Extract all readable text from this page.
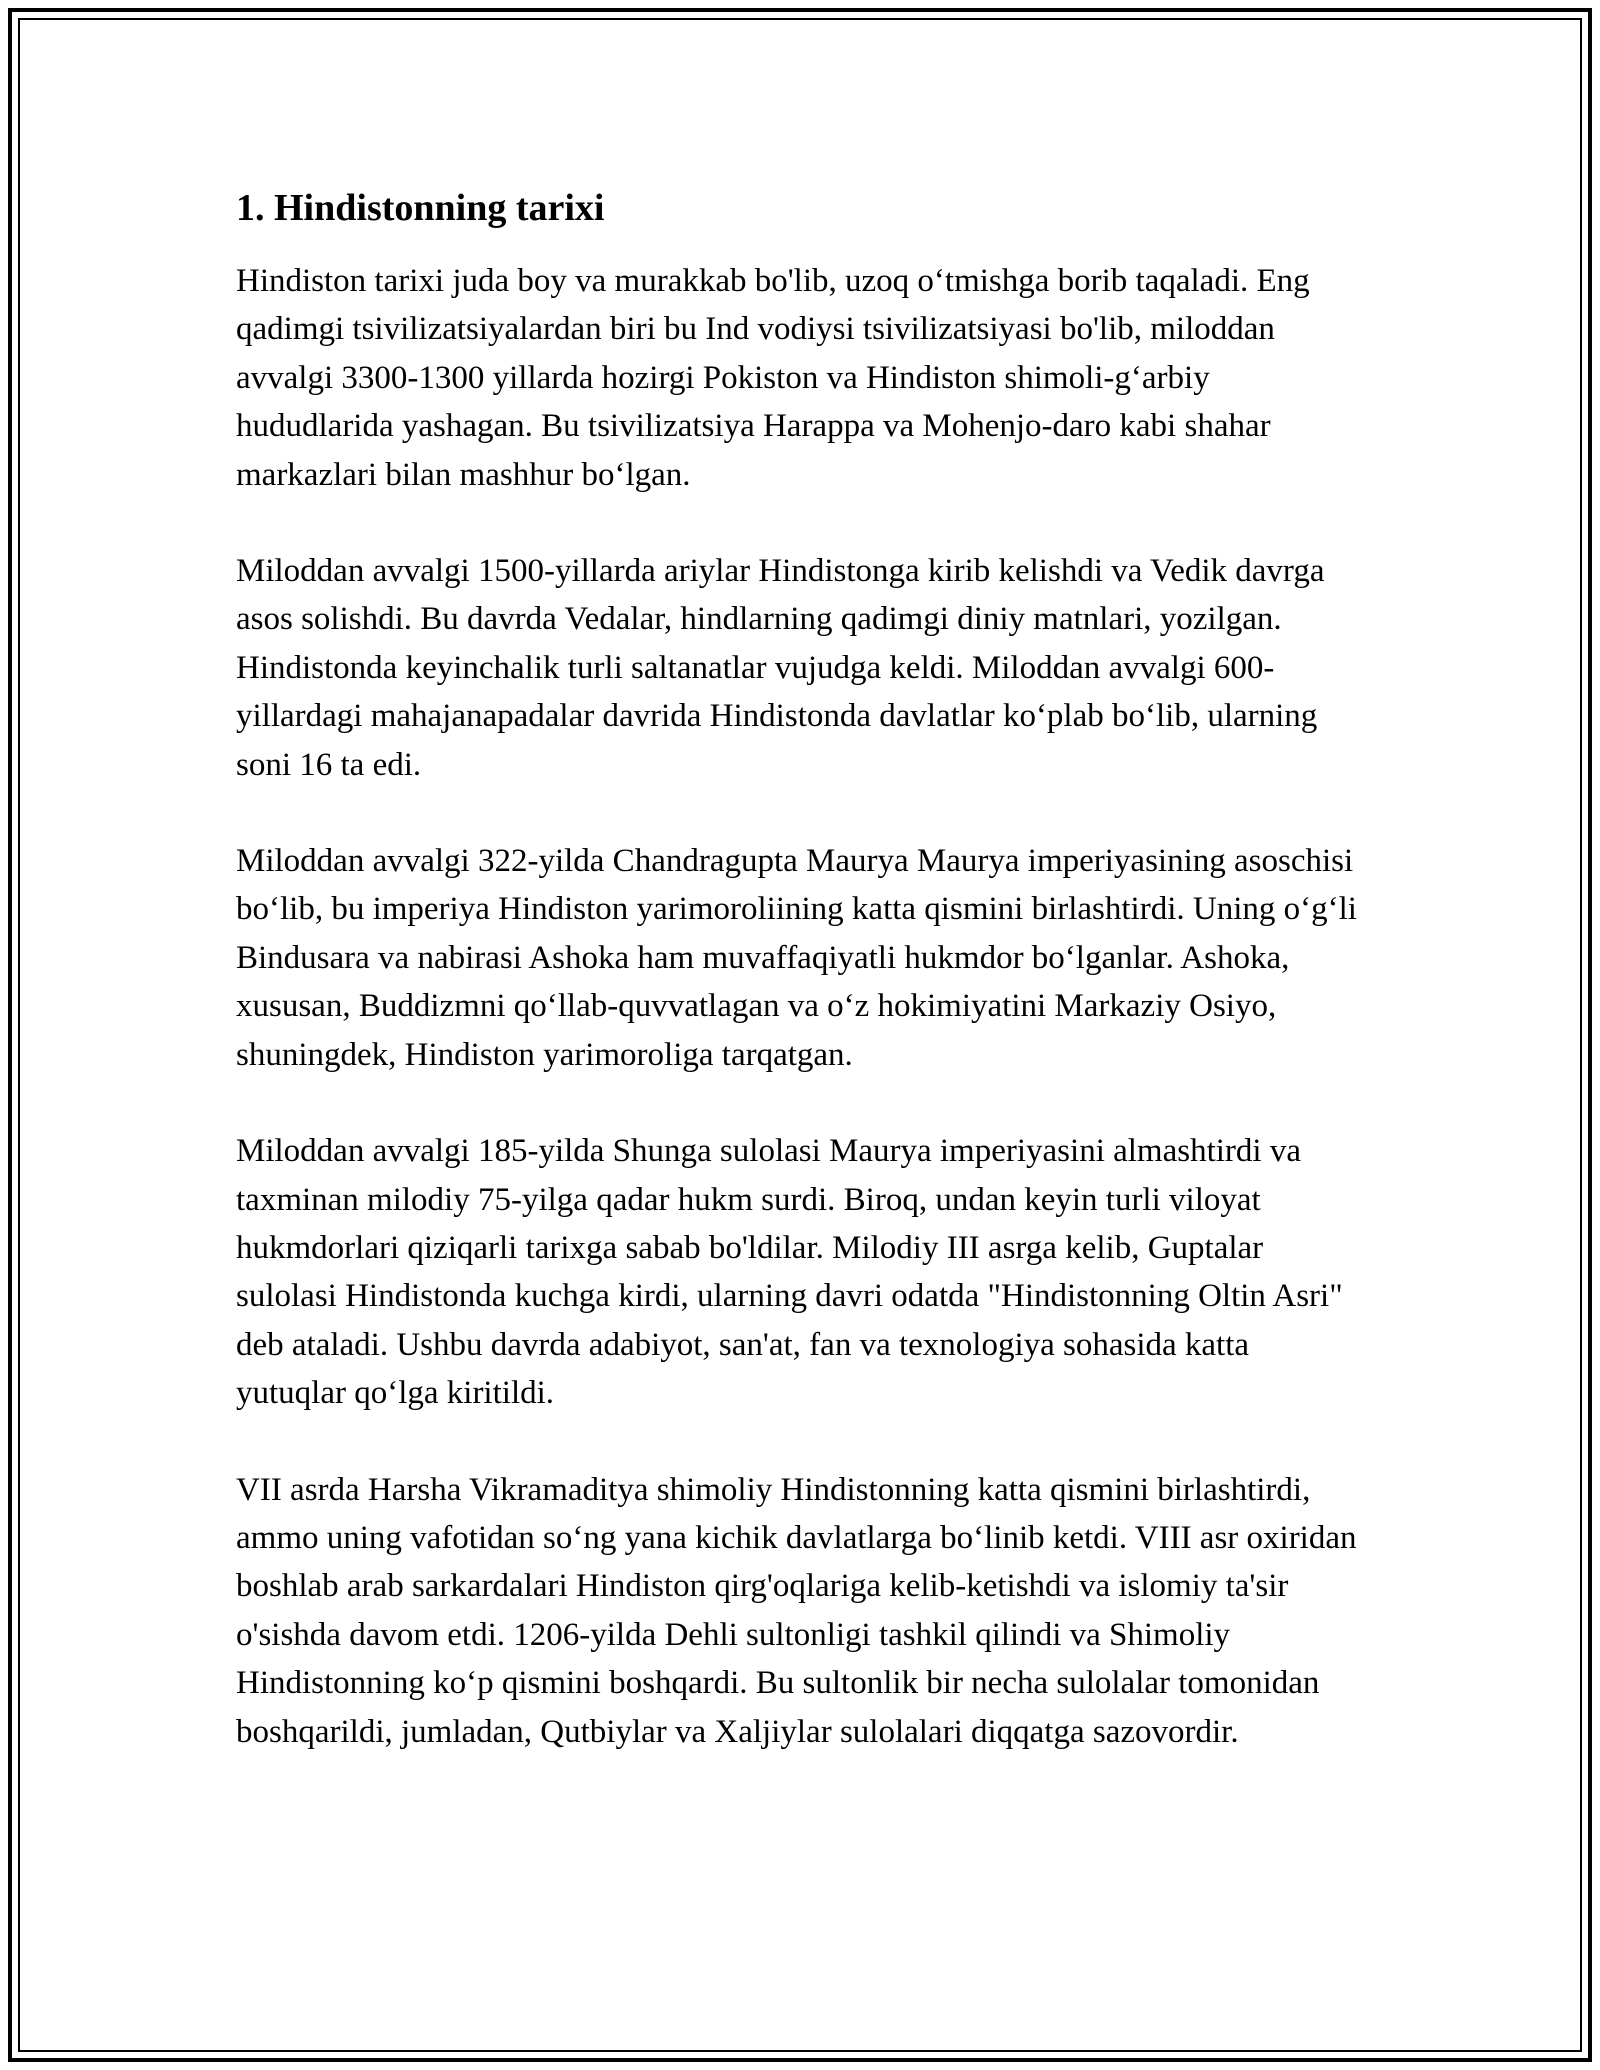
1. Hindistonning tarixi

Hindiston tarixi juda boy va murakkab bo'lib, uzoq oʻtmishga borib taqaladi. Eng qadimgi tsivilizatsiyalardan biri bu Ind vodiysi tsivilizatsiyasi bo'lib, miloddan avvalgi 3300-1300 yillarda hozirgi Pokiston va Hindiston shimoli-gʻarbiy hududlarida yashagan. Bu tsivilizatsiya Harappa va Mohenjo-daro kabi shahar markazlari bilan mashhur boʻlgan.

Miloddan avvalgi 1500-yillarda ariylar Hindistonga kirib kelishdi va Vedik davrga asos solishdi. Bu davrda Vedalar, hindlarning qadimgi diniy matnlari, yozilgan. Hindistonda keyinchalik turli saltanatlar vujudga keldi. Miloddan avvalgi 600-yillardagi mahajanapadalar davrida Hindistonda davlatlar koʻplab boʻlib, ularning soni 16 ta edi.

Miloddan avvalgi 322-yilda Chandragupta Maurya Maurya imperiyasining asoschisi boʻlib, bu imperiya Hindiston yarimoroliining katta qismini birlashtirdi. Uning oʻgʻli Bindusara va nabirasi Ashoka ham muvaffaqiyatli hukmdor boʻlganlar. Ashoka, xususan, Buddizmni qoʻllab-quvvatlagan va oʻz hokimiyatini Markaziy Osiyo, shuningdek, Hindiston yarimoroliga tarqatgan.

Miloddan avvalgi 185-yilda Shunga sulolasi Maurya imperiyasini almashtirdi va taxminan milodiy 75-yilga qadar hukm surdi. Biroq, undan keyin turli viloyat hukmdorlari qiziqarli tarixga sabab bo'ldilar. Milodiy III asrga kelib, Guptalar sulolasi Hindistonda kuchga kirdi, ularning davri odatda "Hindistonning Oltin Asri" deb ataladi. Ushbu davrda adabiyot, san'at, fan va texnologiya sohasida katta yutuqlar qoʻlga kiritildi.

VII asrda Harsha Vikramaditya shimoliy Hindistonning katta qismini birlashtirdi, ammo uning vafotidan soʻng yana kichik davlatlarga boʻlinib ketdi. VIII asr oxiridan boshlab arab sarkardalari Hindiston qirg'oqlariga kelib-ketishdi va islomiy ta'sir o'sishda davom etdi. 1206-yilda Dehli sultonligi tashkil qilindi va Shimoliy Hindistonning koʻp qismini boshqardi. Bu sultonlik bir necha sulolalar tomonidan boshqarildi, jumladan, Qutbiylar va Xaljiylar sulolalari diqqatga sazovordir.
